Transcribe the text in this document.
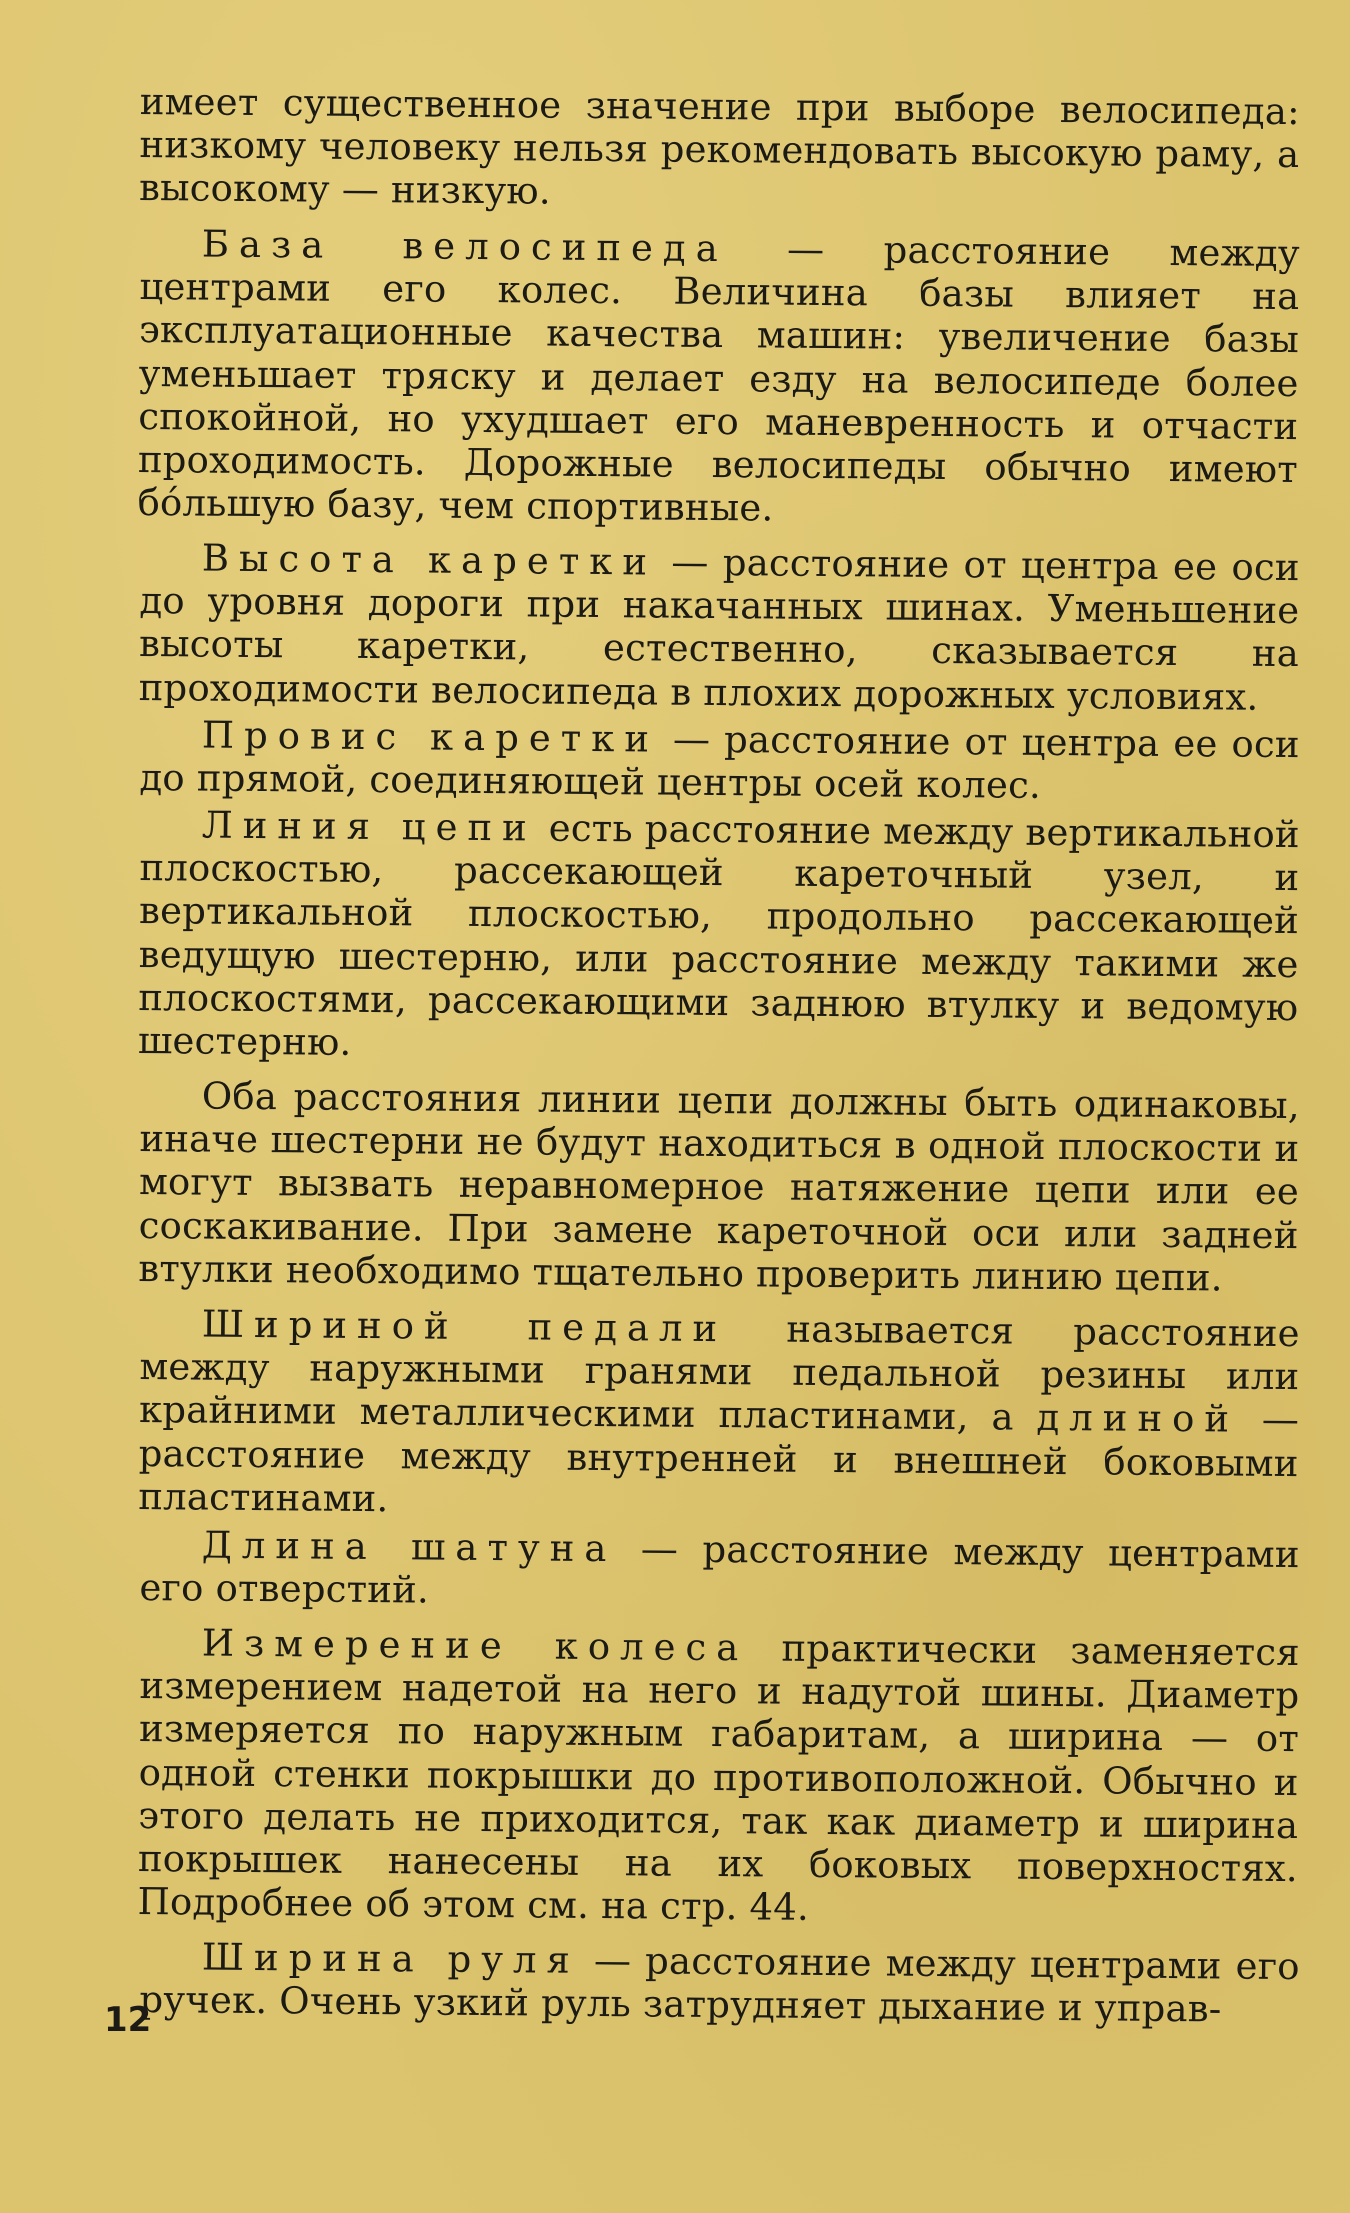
имеет существенное значение при выборе велосипеда: низкому человеку нельзя рекомендовать высокую раму, а высокому — низкую.

База велосипеда — расстояние между центрами его колес. Величина базы влияет на эксплуатационные качества машин: увеличение базы уменьшает тряску и делает езду на велосипеде более спокойной, но ухудшает его маневренность и отчасти проходимость. Дорожные велосипеды обычно имеют бо́льшую базу, чем спортивные.

Высота каретки — расстояние от центра ее оси до уровня дороги при накачанных шинах. Уменьшение высоты каретки, естественно, сказывается на проходимости велосипеда в плохих дорожных условиях.

Провис каретки — расстояние от центра ее оси до прямой, соединяющей центры осей колес.

Линия цепи есть расстояние между вертикальной плоскостью, рассекающей кареточный узел, и вертикальной плоскостью, продольно рассекающей ведущую шестерню, или расстояние между такими же плоскостями, рассекающими заднюю втулку и ведомую шестерню.

Оба расстояния линии цепи должны быть одинаковы, иначе шестерни не будут находиться в одной плоскости и могут вызвать неравномерное натяжение цепи или ее соскакивание. При замене кареточной оси или задней втулки необходимо тщательно проверить линию цепи.

Шириной педали называется расстояние между наружными гранями педальной резины или крайними металлическими пластинами, а длиной — расстояние между внутренней и внешней боковыми пластинами.

Длина шатуна — расстояние между центрами его отверстий.

Измерение колеса практически заменяется измерением надетой на него и надутой шины. Диаметр измеряется по наружным габаритам, а ширина — от одной стенки покрышки до противоположной. Обычно и этого делать не приходится, так как диаметр и ширина покрышек нанесены на их боковых поверхностях. Подробнее об этом см. на стр. 44.

Ширина руля — расстояние между центрами его ручек. Очень узкий руль затрудняет дыхание и управ-

12
